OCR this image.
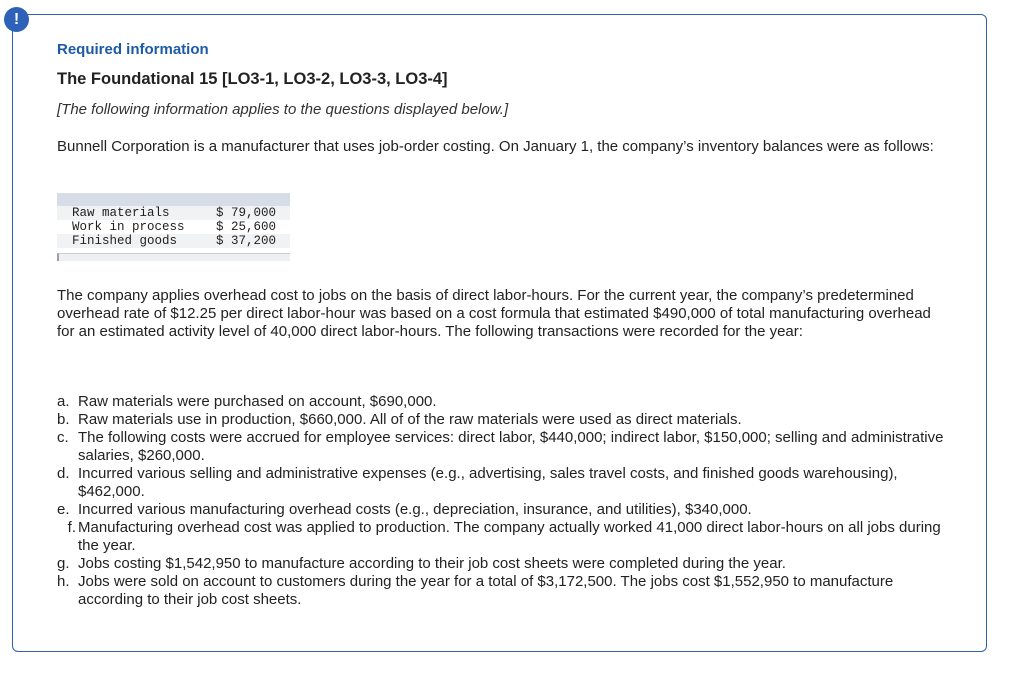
!

Required information

The Foundational 15 [LO3-1, LO3-2, LO3-3, LO3-4]

[The following information applies to the questions displayed below.]

Bunnell Corporation is a manufacturer that uses job-order costing. On January 1, the company’s inventory balances were as follows:

Raw materials	$ 79,000
Work in process	$ 25,600
Finished goods	$ 37,200

The company applies overhead cost to jobs on the basis of direct labor-hours. For the current year, the company’s predetermined overhead rate of $12.25 per direct labor-hour was based on a cost formula that estimated $490,000 of total manufacturing overhead for an estimated activity level of 40,000 direct labor-hours. The following transactions were recorded for the year:

a. Raw materials were purchased on account, $690,000.
b. Raw materials use in production, $660,000. All of of the raw materials were used as direct materials.
c. The following costs were accrued for employee services: direct labor, $440,000; indirect labor, $150,000; selling and administrative salaries, $260,000.
d. Incurred various selling and administrative expenses (e.g., advertising, sales travel costs, and finished goods warehousing), $462,000.
e. Incurred various manufacturing overhead costs (e.g., depreciation, insurance, and utilities), $340,000.
f. Manufacturing overhead cost was applied to production. The company actually worked 41,000 direct labor-hours on all jobs during the year.
g. Jobs costing $1,542,950 to manufacture according to their job cost sheets were completed during the year.
h. Jobs were sold on account to customers during the year for a total of $3,172,500. The jobs cost $1,552,950 to manufacture according to their job cost sheets.
